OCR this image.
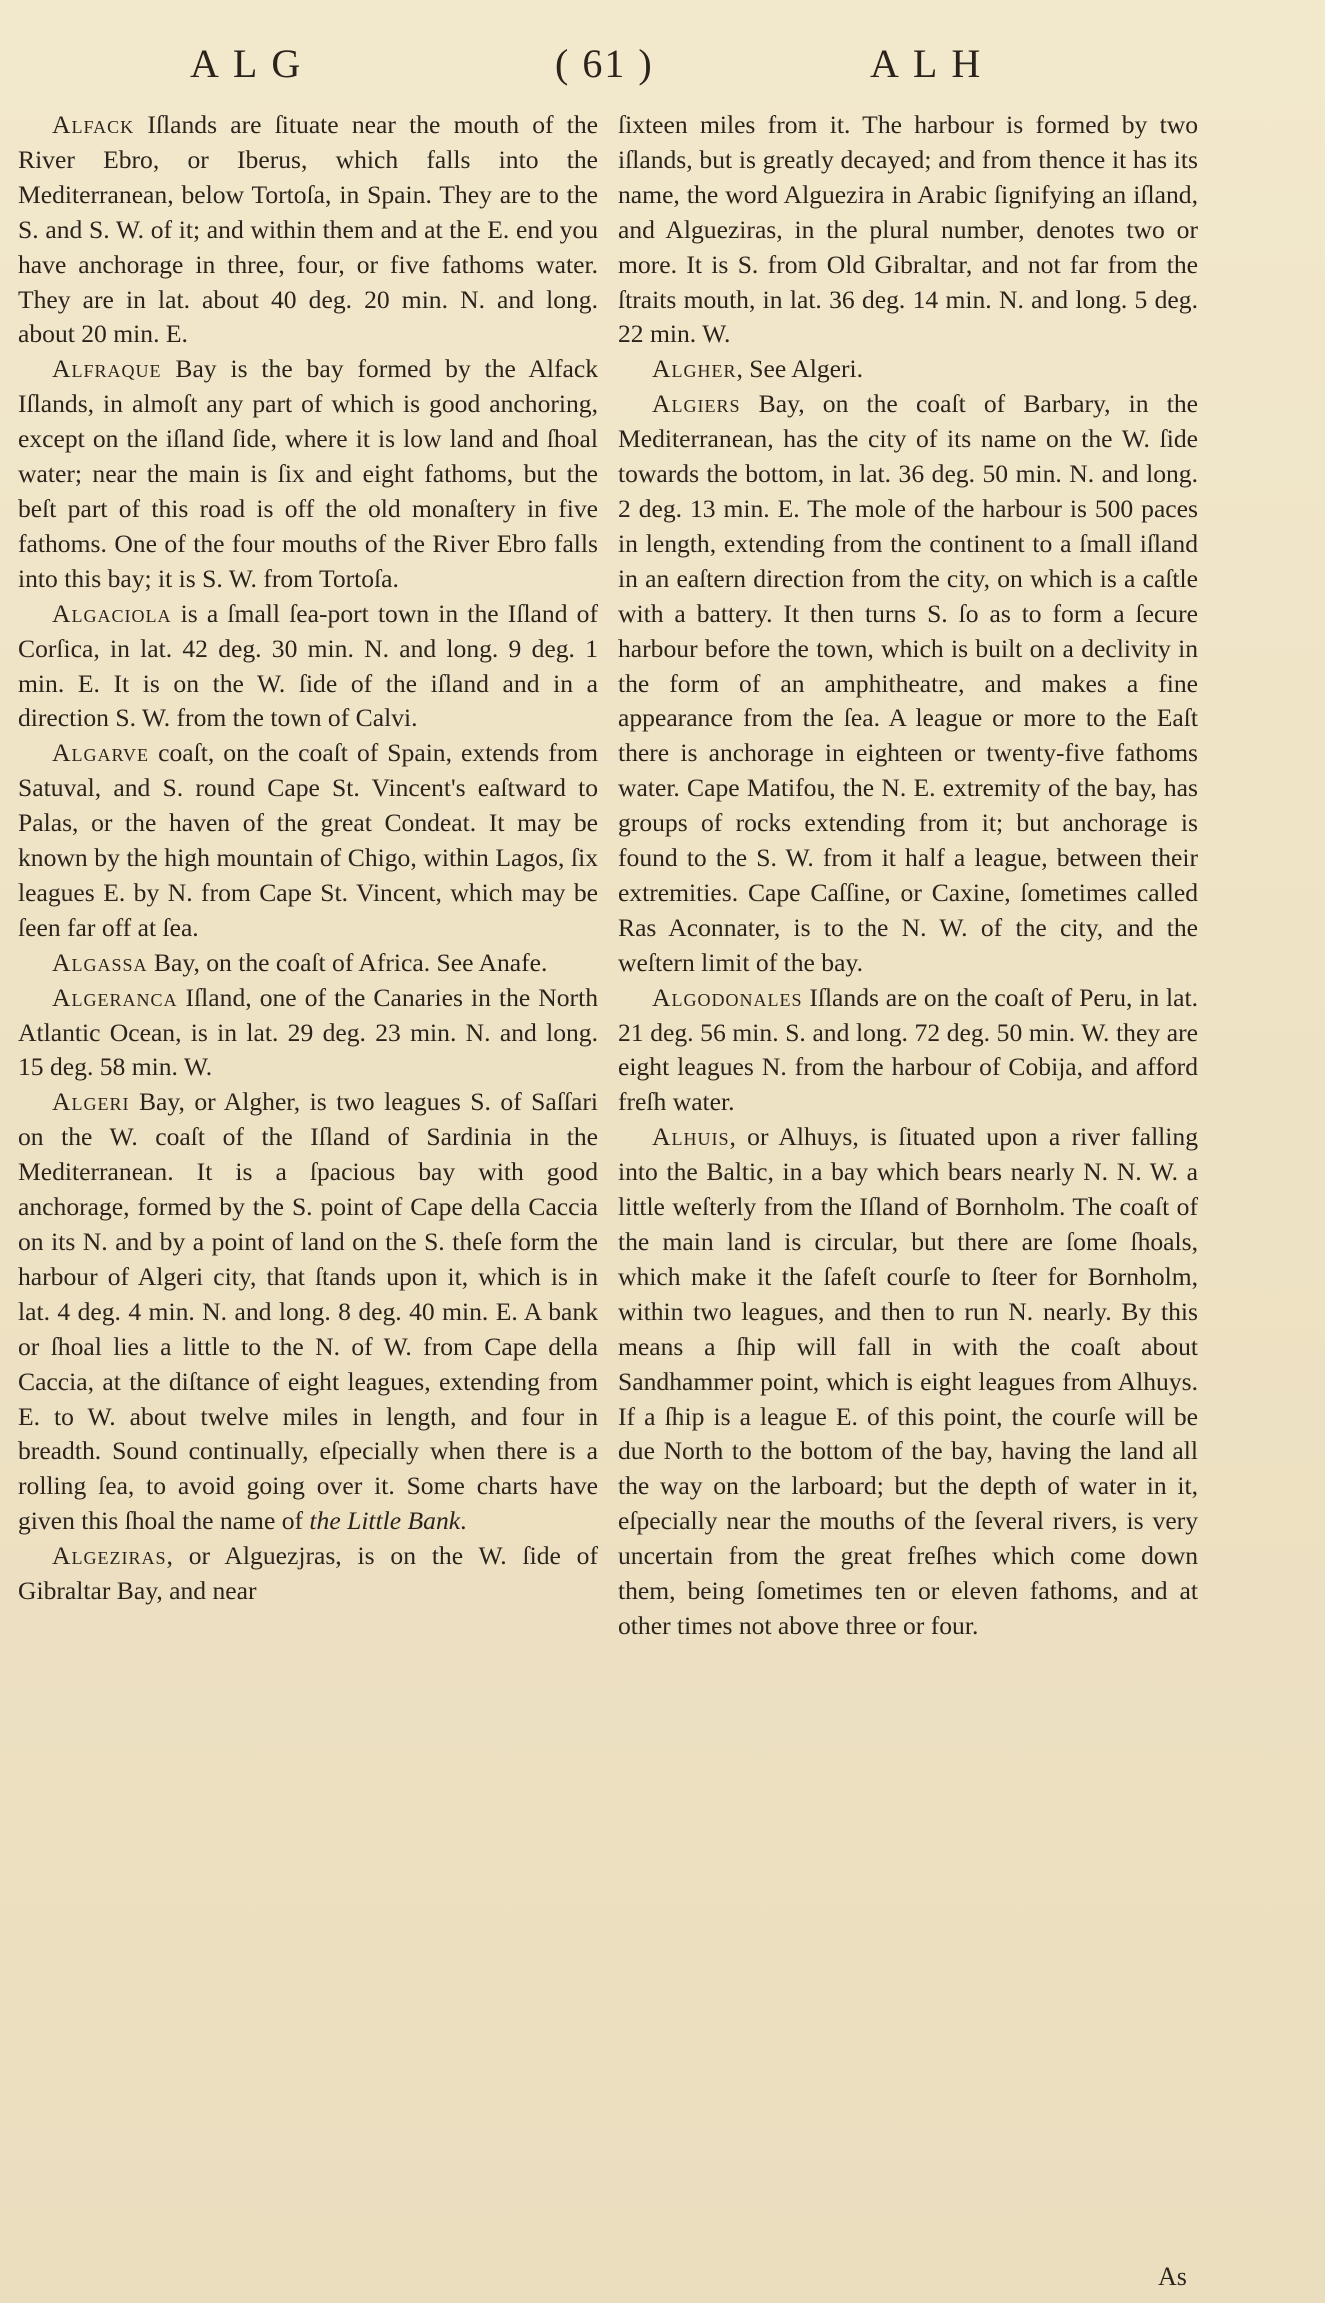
ALG	( 61 )	ALH

Alfack Iſlands are ſituate near the mouth of the River Ebro, or Iberus, which falls into the Mediterranean, below Tortoſa, in Spain. They are to the S. and S. W. of it; and within them and at the E. end you have anchorage in three, four, or five fathoms water. They are in lat. about 40 deg. 20 min. N. and long. about 20 min. E.

Alfraque Bay is the bay formed by the Alfack Iſlands, in almoſt any part of which is good anchoring, except on the iſland ſide, where it is low land and ſhoal water; near the main is ſix and eight fathoms, but the beſt part of this road is off the old monaſtery in five fathoms. One of the four mouths of the River Ebro falls into this bay; it is S. W. from Tortoſa.

Algaciola is a ſmall ſea-port town in the Iſland of Corſica, in lat. 42 deg. 30 min. N. and long. 9 deg. 1 min. E. It is on the W. ſide of the iſland and in a direction S. W. from the town of Calvi.

Algarve coaſt, on the coaſt of Spain, extends from Satuval, and S. round Cape St. Vincent's eaſtward to Palas, or the haven of the great Condeat. It may be known by the high mountain of Chigo, within Lagos, ſix leagues E. by N. from Cape St. Vincent, which may be ſeen far off at ſea.

Algassa Bay, on the coaſt of Africa. See Anafe.

Algeranca Iſland, one of the Canaries in the North Atlantic Ocean, is in lat. 29 deg. 23 min. N. and long. 15 deg. 58 min. W.

Algeri Bay, or Algher, is two leagues S. of Saſſari on the W. coaſt of the Iſland of Sardinia in the Mediterranean. It is a ſpacious bay with good anchorage, formed by the S. point of Cape della Caccia on its N. and by a point of land on the S. theſe form the harbour of Algeri city, that ſtands upon it, which is in lat. 4 deg. 4 min. N. and long. 8 deg. 40 min. E. A bank or ſhoal lies a little to the N. of W. from Cape della Caccia, at the diſtance of eight leagues, extending from E. to W. about twelve miles in length, and four in breadth. Sound continually, eſpecially when there is a rolling ſea, to avoid going over it. Some charts have given this ſhoal the name of the Little Bank.

Algeziras, or Alguezjras, is on the W. ſide of Gibraltar Bay, and near

ſixteen miles from it. The harbour is formed by two iſlands, but is greatly decayed; and from thence it has its name, the word Alguezira in Arabic ſignifying an iſland, and Algueziras, in the plural number, denotes two or more. It is S. from Old Gibraltar, and not far from the ſtraits mouth, in lat. 36 deg. 14 min. N. and long. 5 deg. 22 min. W.

Algher, See Algeri.

Algiers Bay, on the coaſt of Barbary, in the Mediterranean, has the city of its name on the W. ſide towards the bottom, in lat. 36 deg. 50 min. N. and long. 2 deg. 13 min. E. The mole of the harbour is 500 paces in length, extending from the continent to a ſmall iſland in an eaſtern direction from the city, on which is a caſtle with a battery. It then turns S. ſo as to form a ſecure harbour before the town, which is built on a declivity in the form of an amphitheatre, and makes a fine appearance from the ſea. A league or more to the Eaſt there is anchorage in eighteen or twenty-five fathoms water. Cape Matifou, the N. E. extremity of the bay, has groups of rocks extending from it; but anchorage is found to the S. W. from it half a league, between their extremities. Cape Caſſine, or Caxine, ſometimes called Ras Aconnater, is to the N. W. of the city, and the weſtern limit of the bay.

Algodonales Iſlands are on the coaſt of Peru, in lat. 21 deg. 56 min. S. and long. 72 deg. 50 min. W. they are eight leagues N. from the harbour of Cobija, and afford freſh water.

Alhuis, or Alhuys, is ſituated upon a river falling into the Baltic, in a bay which bears nearly N. N. W. a little weſterly from the Iſland of Bornholm. The coaſt of the main land is circular, but there are ſome ſhoals, which make it the ſafeſt courſe to ſteer for Bornholm, within two leagues, and then to run N. nearly. By this means a ſhip will fall in with the coaſt about Sandhammer point, which is eight leagues from Alhuys. If a ſhip is a league E. of this point, the courſe will be due North to the bottom of the bay, having the land all the way on the larboard; but the depth of water in it, eſpecially near the mouths of the ſeveral rivers, is very uncertain from the great freſhes which come down them, being ſometimes ten or eleven fathoms, and at other times not above three or four.

As
